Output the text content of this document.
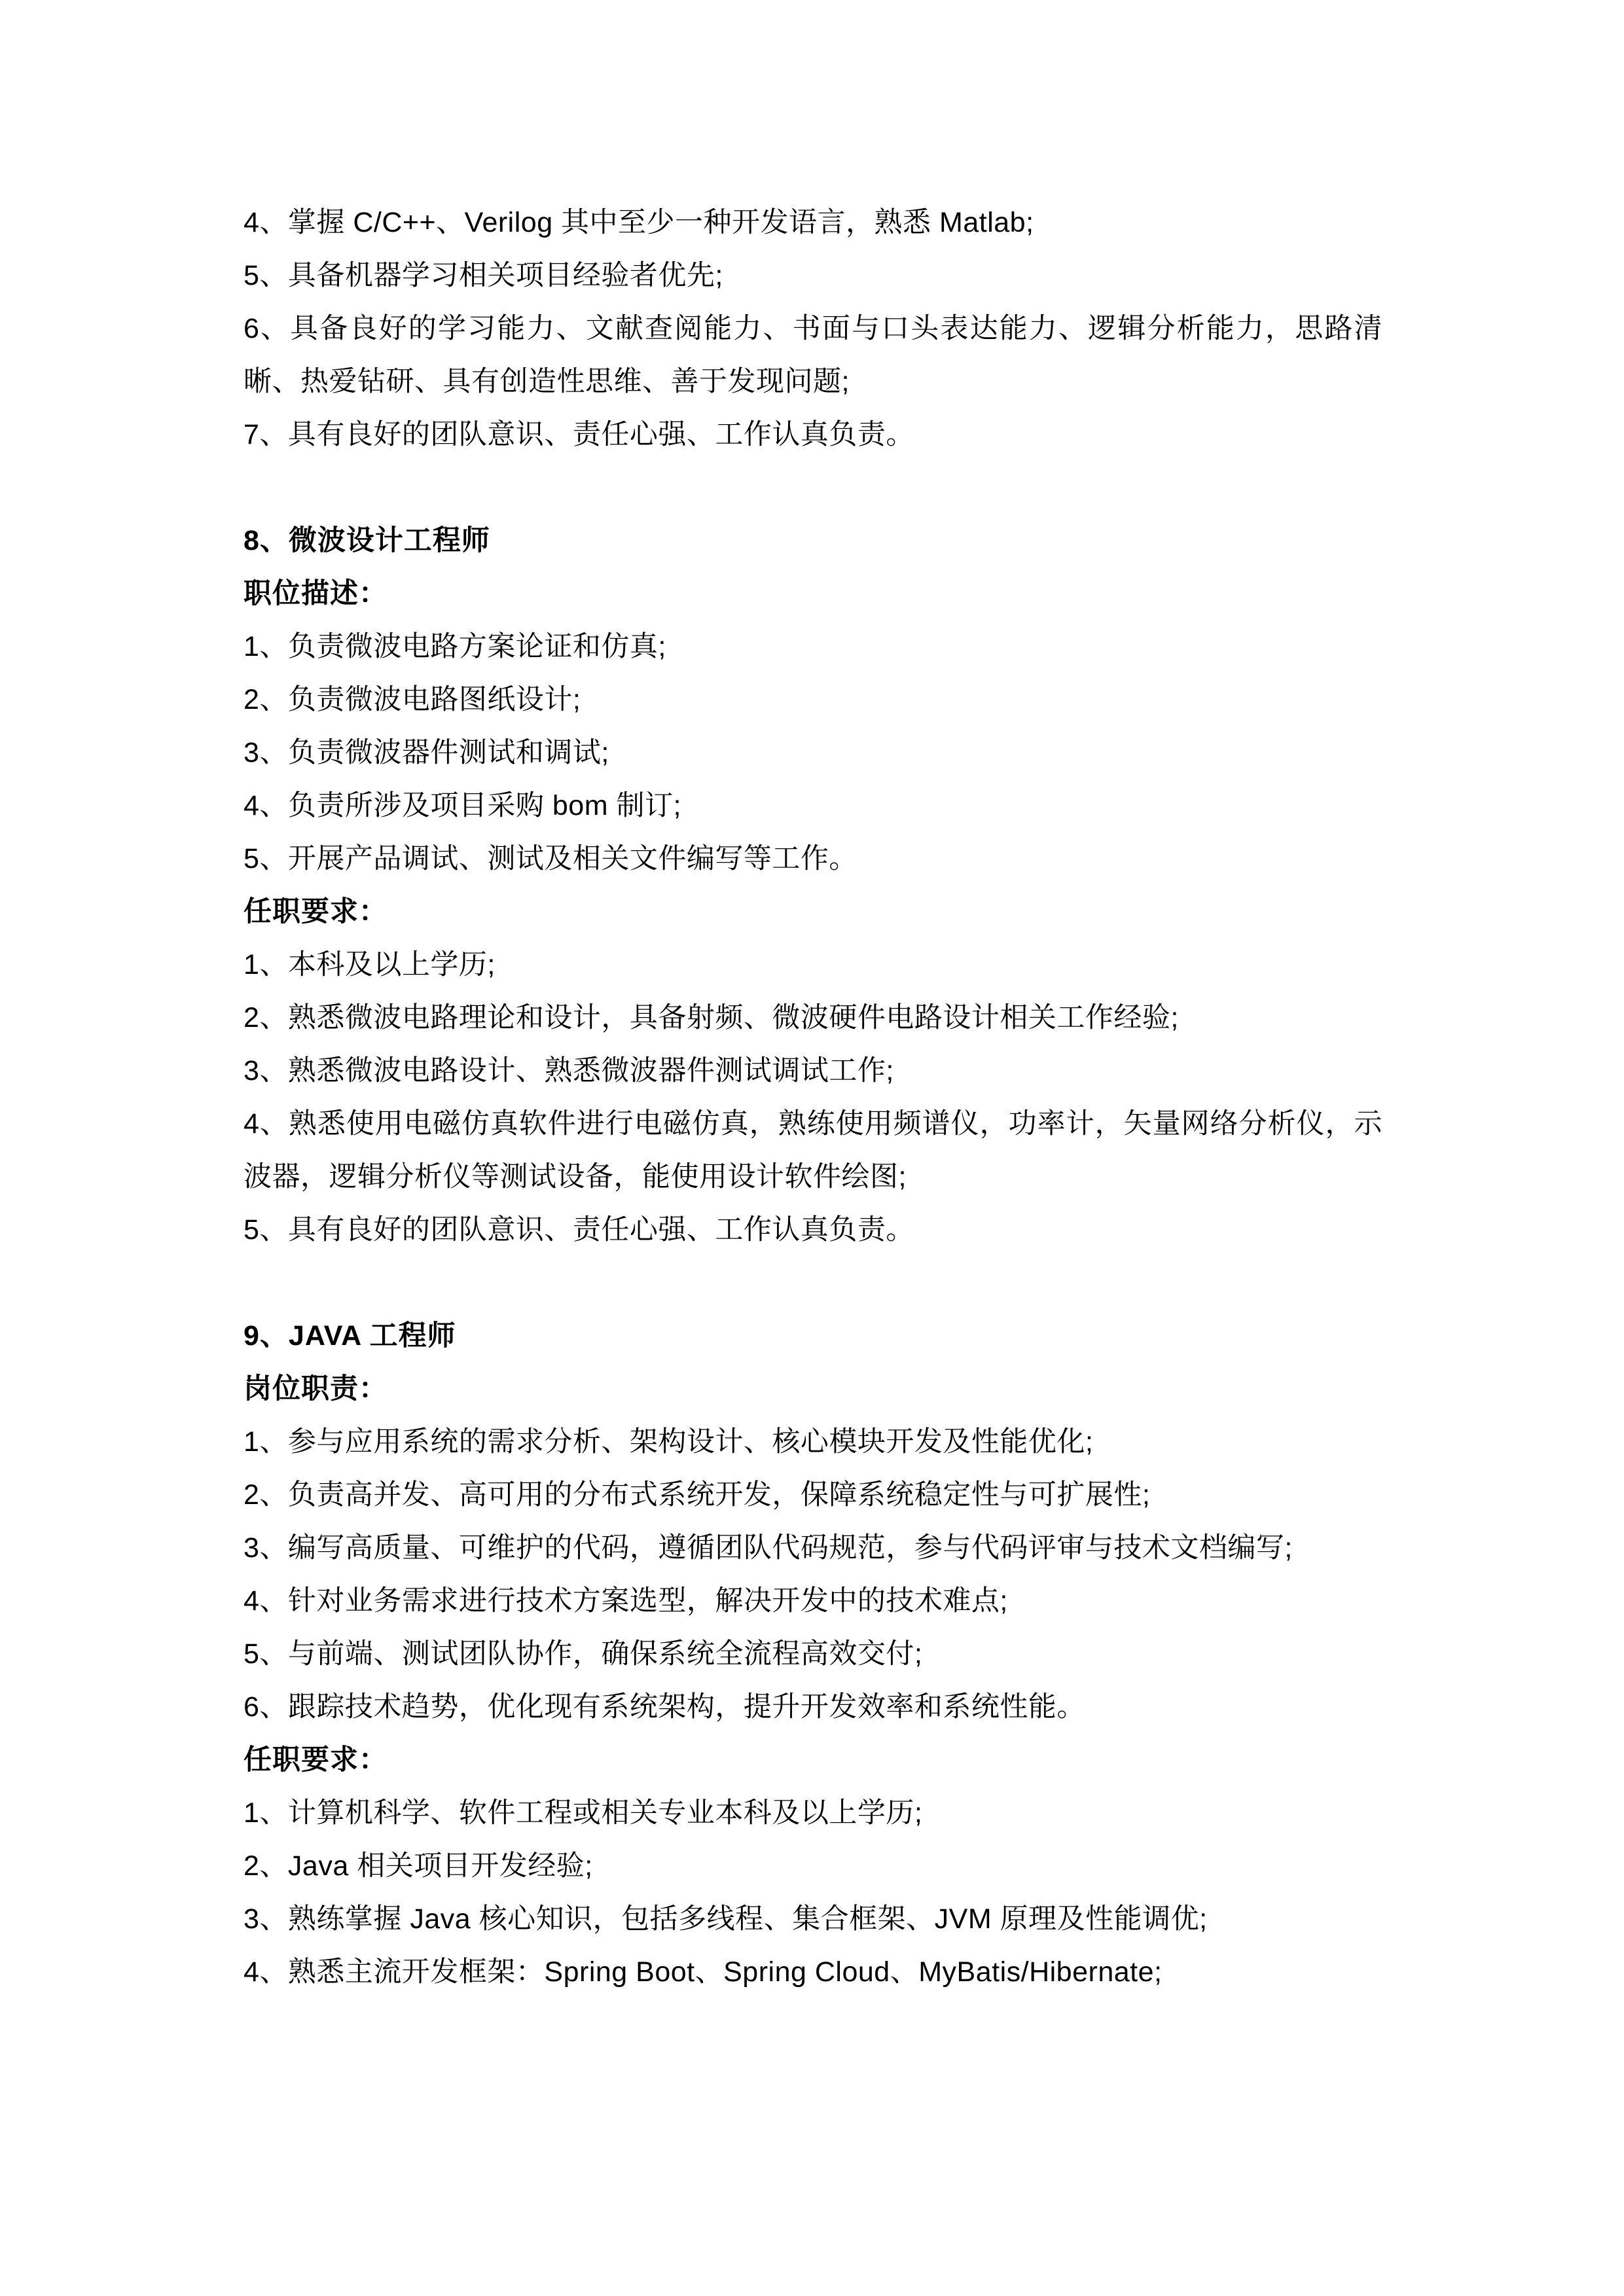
4、掌握 C/C++、Verilog 其中至少一种开发语言，熟悉 Matlab;

5、具备机器学习相关项目经验者优先;

6、具备良好的学习能力、文献查阅能力、书面与口头表达能力、逻辑分析能力，思路清晰、热爱钻研、具有创造性思维、善于发现问题;

7、具有良好的团队意识、责任心强、工作认真负责。

8、微波设计工程师

职位描述：

1、负责微波电路方案论证和仿真;

2、负责微波电路图纸设计;

3、负责微波器件测试和调试;

4、负责所涉及项目采购 bom 制订;

5、开展产品调试、测试及相关文件编写等工作。

任职要求：

1、本科及以上学历;

2、熟悉微波电路理论和设计，具备射频、微波硬件电路设计相关工作经验;

3、熟悉微波电路设计、熟悉微波器件测试调试工作;

4、熟悉使用电磁仿真软件进行电磁仿真，熟练使用频谱仪，功率计，矢量网络分析仪，示波器，逻辑分析仪等测试设备，能使用设计软件绘图;

5、具有良好的团队意识、责任心强、工作认真负责。

9、JAVA 工程师

岗位职责：

1、参与应用系统的需求分析、架构设计、核心模块开发及性能优化;

2、负责高并发、高可用的分布式系统开发，保障系统稳定性与可扩展性;

3、编写高质量、可维护的代码，遵循团队代码规范，参与代码评审与技术文档编写;

4、针对业务需求进行技术方案选型，解决开发中的技术难点;

5、与前端、测试团队协作，确保系统全流程高效交付;

6、跟踪技术趋势，优化现有系统架构，提升开发效率和系统性能。

任职要求：

1、计算机科学、软件工程或相关专业本科及以上学历;

2、Java 相关项目开发经验;

3、熟练掌握 Java 核心知识，包括多线程、集合框架、JVM 原理及性能调优;

4、熟悉主流开发框架：Spring Boot、Spring Cloud、MyBatis/Hibernate;
